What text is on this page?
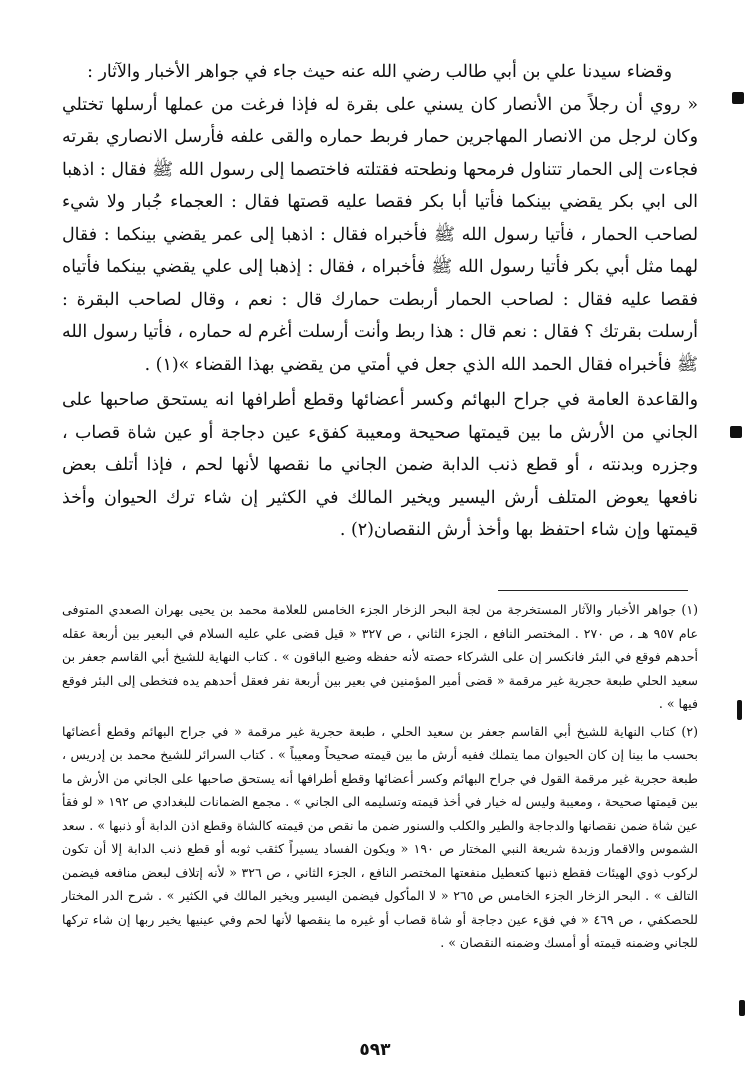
وقضاء سيدنا علي بن أبي طالب رضي الله عنه حيث جاء في جواهر الأخبار والآثار :
« روي أن رجلاً من الأنصار كان يسني على بقرة له فإذا فرغت من عملها أرسلها تختلي وكان لرجل من الانصار المهاجرين حمار فربط حماره والقى علفه فأرسل الانصاري بقرته فجاءت إلى الحمار تتناول فرمحها ونطحته فقتلته فاختصما إلى رسول الله ﷺ فقال : اذهبا الى ابي بكر يقضي بينكما فأتيا أبا بكر فقصا عليه قصتها فقال : العجماء جُبار ولا شيء لصاحب الحمار ، فأتيا رسول الله ﷺ فأخبراه فقال : اذهبا إلى عمر يقضي بينكما : فقال لهما مثل أبي بكر فأتيا رسول الله ﷺ فأخبراه ، فقال : إذهبا إلى علي يقضي بينكما فأتياه فقصا عليه فقال : لصاحب الحمار أربطت حمارك قال : نعم ، وقال لصاحب البقرة : أرسلت بقرتك ؟ فقال : نعم قال : هذا ربط وأنت أرسلت أغرم له حماره ، فأتيا رسول الله ﷺ فأخبراه فقال الحمد الله الذي جعل في أمتي من يقضي بهذا القضاء »(١) .
والقاعدة العامة في جراح البهائم وكسر أعضائها وقطع أطرافها انه يستحق صاحبها على الجاني من الأرش ما بين قيمتها صحيحة ومعيبة كفقء عين دجاجة أو عين شاة قصاب ، وجزره وبدنته ، أو قطع ذنب الدابة ضمن الجاني ما نقصها لأنها لحم ، فإذا أتلف بعض نافعها يعوض المتلف أرش اليسير ويخير المالك في الكثير إن شاء ترك الحيوان وأخذ قيمتها وإن شاء احتفظ بها وأخذ أرش النقصان(٢) .

(١) جواهر الأخبار والآثار المستخرجة من لجة البحر الزخار الجزء الخامس للعلامة محمد بن يحيى بهران الصعدي المتوفى عام ٩٥٧ هـ ، ص ٢٧٠ . المختصر النافع ، الجزء الثاني ، ص ٣٢٧ « قيل قضى علي عليه السلام في البعير بين أربعة عقله أحدهم فوقع في البئر فانكسر إن على الشركاء حصته لأنه حفظه وضيع الباقون » . كتاب النهاية للشيخ أبي القاسم جعفر بن سعيد الحلي طبعة حجرية غير مرقمة « قضى أمير المؤمنين في بعير بين أربعة نفر فعقل أحدهم يده فتخطى إلى البئر فوقع فيها » .

(٢) كتاب النهاية للشيخ أبي القاسم جعفر بن سعيد الحلي ، طبعة حجرية غير مرقمة « في جراح البهائم وقطع أعضائها بحسب ما بينا إن كان الحيوان مما يتملك ففيه أرش ما بين قيمته صحيحاً ومعيباً » . كتاب السرائر للشيخ محمد بن إدريس ، طبعة حجرية غير مرقمة القول في جراح البهائم وكسر أعضائها وقطع أطرافها أنه يستحق صاحبها على الجاني من الأرش ما بين قيمتها صحيحة ، ومعيبة وليس له خيار في أخذ قيمته وتسليمه الى الجاني » . مجمع الضمانات للبغدادي ص ١٩٢ « لو فقأ عين شاة ضمن نقصانها والدجاجة والطير والكلب والسنور ضمن ما نقص من قيمته كالشاة وقطع اذن الدابة أو ذنبها » . سعد الشموس والاقمار وزبدة شريعة النبي المختار ص ١٩٠ « ويكون الفساد يسيراً كثقب ثوبه أو قطع ذنب الدابة إلا أن تكون لركوب ذوي الهيئات فقطع ذنبها كتعطيل منفعتها المختصر النافع ، الجزء الثاني ، ص ٣٢٦ « لأنه إتلاف لبعض منافعه فيضمن التالف » . البحر الزخار الجزء الخامس ص ٢٦٥ « لا المأكول فيضمن اليسير ويخير المالك في الكثير » . شرح الدر المختار للحصكفي ، ص ٤٦٩ « في فقء عين دجاجة أو شاة قصاب أو غيره ما ينقصها لأنها لحم وفي عينيها يخير ربها إن شاء تركها للجاني وضمنه قيمته أو أمسك وضمنه النقصان » .

٥٩٣
